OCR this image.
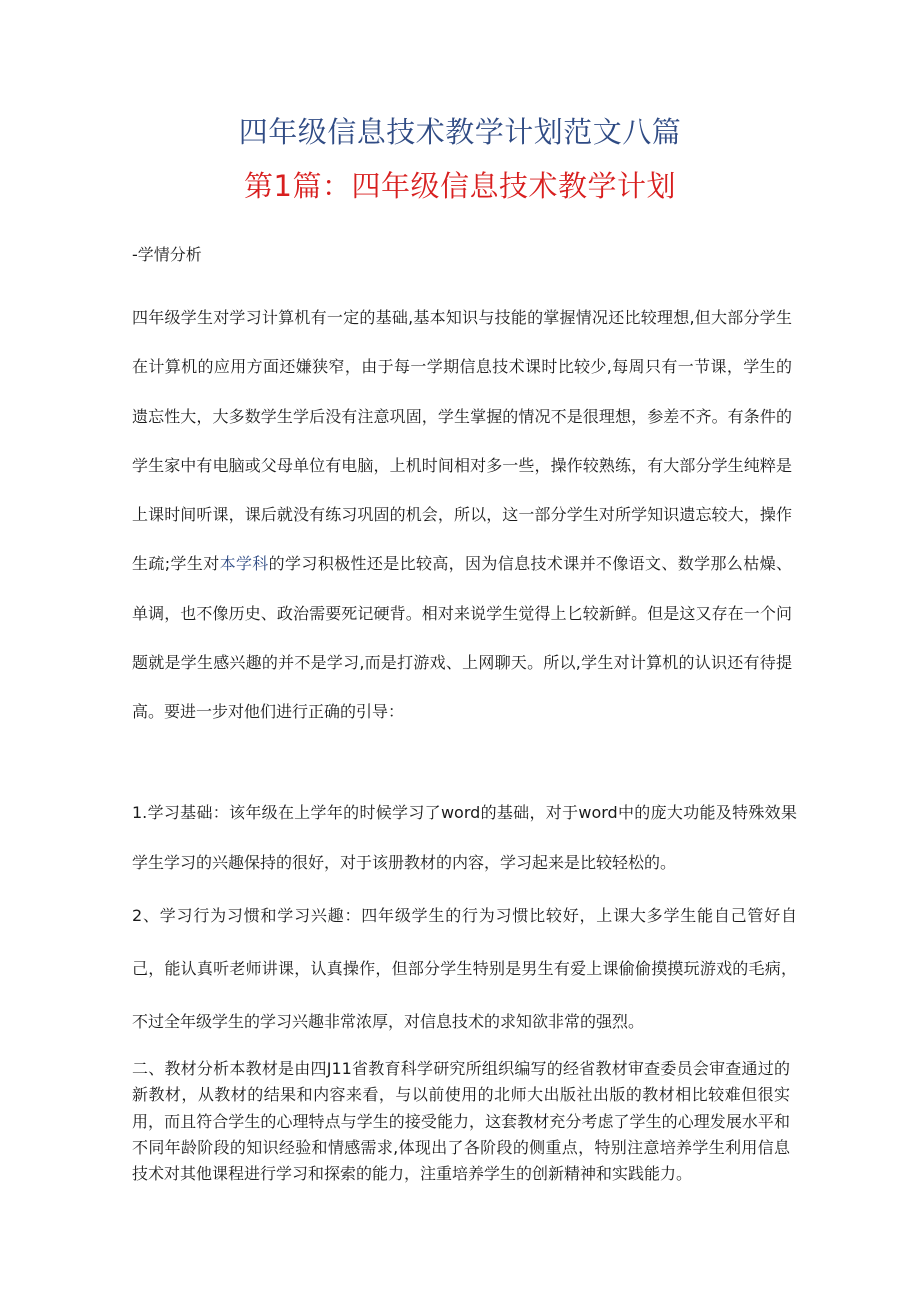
四年级信息技术教学计划范文八篇
第1篇：四年级信息技术教学计划

-学情分析

四年级学生对学习计算机有一定的基础,基本知识与技能的掌握情况还比较理想,但大部分学生在计算机的应用方面还嫌狭窄，由于每一学期信息技术课时比较少,每周只有一节课，学生的遗忘性大，大多数学生学后没有注意巩固，学生掌握的情况不是很理想，参差不齐。有条件的学生家中有电脑或父母单位有电脑，上机时间相对多一些，操作较熟练，有大部分学生纯粹是上课时间听课，课后就没有练习巩固的机会，所以，这一部分学生对所学知识遗忘较大，操作生疏;学生对本学科的学习积极性还是比较高，因为信息技术课并不像语文、数学那么枯燥、单调，也不像历史、政治需要死记硬背。相对来说学生觉得上匕较新鲜。但是这又存在一个问题就是学生感兴趣的并不是学习,而是打游戏、上网聊天。所以,学生对计算机的认识还有待提高。要进一步对他们进行正确的引导：

1.学习基础：该年级在上学年的时候学习了word的基础，对于word中的庞大功能及特殊效果学生学习的兴趣保持的很好，对于该册教材的内容，学习起来是比较轻松的。

2、学习行为习惯和学习兴趣：四年级学生的行为习惯比较好，上课大多学生能自己管好自己，能认真听老师讲课，认真操作，但部分学生特别是男生有爱上课偷偷摸摸玩游戏的毛病，不过全年级学生的学习兴趣非常浓厚，对信息技术的求知欲非常的强烈。

二、教材分析本教材是由四J11省教育科学研究所组织编写的经省教材审查委员会审查通过的新教材，从教材的结果和内容来看，与以前使用的北师大出版社出版的教材相比较难但很实用，而且符合学生的心理特点与学生的接受能力，这套教材充分考虑了学生的心理发展水平和不同年龄阶段的知识经验和情感需求,体现出了各阶段的侧重点，特别注意培养学生利用信息技术对其他课程进行学习和探索的能力，注重培养学生的创新精神和实践能力。
